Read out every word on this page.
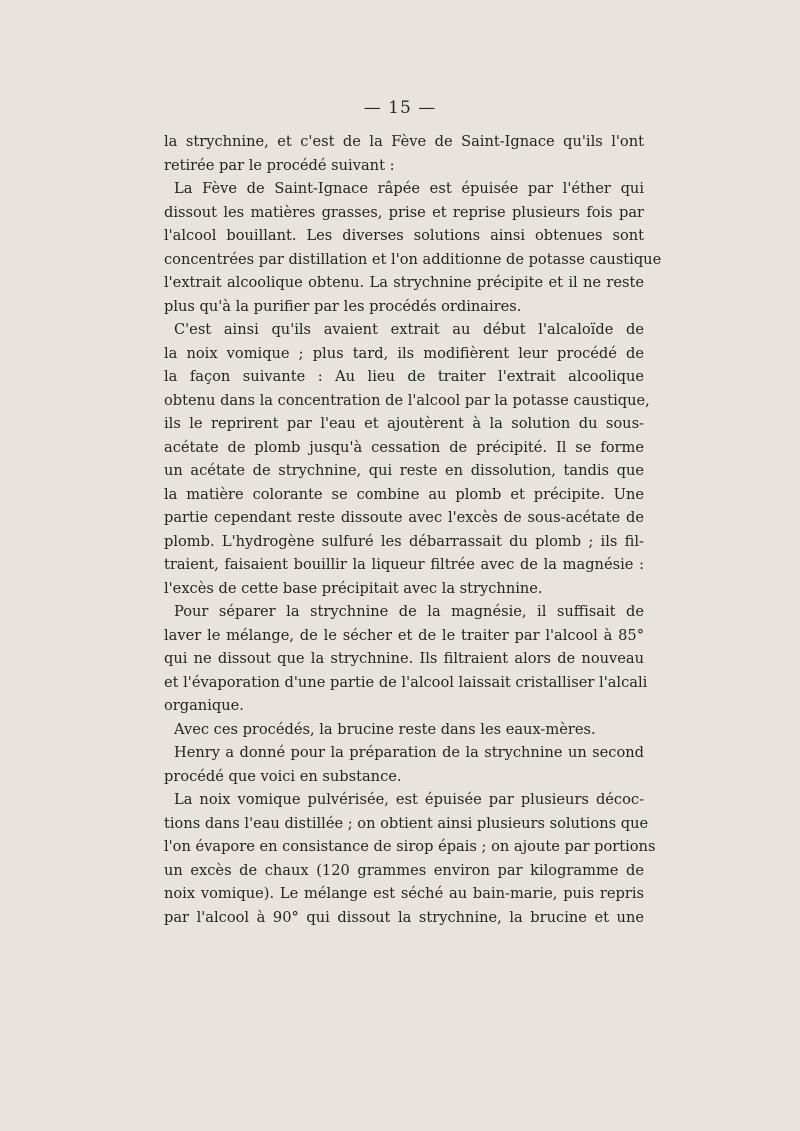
— 15 —
la strychnine, et c'est de la Fève de Saint-Ignace qu'ils l'ont
retirée par le procédé suivant :
La Fève de Saint-Ignace râpée est épuisée par l'éther qui
dissout les matières grasses, prise et reprise plusieurs fois par
l'alcool bouillant. Les diverses solutions ainsi obtenues sont
concentrées par distillation et l'on additionne de potasse caustique
l'extrait alcoolique obtenu. La strychnine précipite et il ne reste
plus qu'à la purifier par les procédés ordinaires.
C'est ainsi qu'ils avaient extrait au début l'alcaloïde de
la noix vomique ; plus tard, ils modifièrent leur procédé de
la façon suivante : Au lieu de traiter l'extrait alcoolique
obtenu dans la concentration de l'alcool par la potasse caustique,
ils le reprirent par l'eau et ajoutèrent à la solution du sous-
acétate de plomb jusqu'à cessation de précipité. Il se forme
un acétate de strychnine, qui reste en dissolution, tandis que
la matière colorante se combine au plomb et précipite. Une
partie cependant reste dissoute avec l'excès de sous-acétate de
plomb. L'hydrogène sulfuré les débarrassait du plomb ; ils fil-
traient, faisaient bouillir la liqueur filtrée avec de la magnésie :
l'excès de cette base précipitait avec la strychnine.
Pour séparer la strychnine de la magnésie, il suffisait de
laver le mélange, de le sécher et de le traiter par l'alcool à 85°
qui ne dissout que la strychnine. Ils filtraient alors de nouveau
et l'évaporation d'une partie de l'alcool laissait cristalliser l'alcali
organique.
Avec ces procédés, la brucine reste dans les eaux-mères.
Henry a donné pour la préparation de la strychnine un second
procédé que voici en substance.
La noix vomique pulvérisée, est épuisée par plusieurs décoc-
tions dans l'eau distillée ; on obtient ainsi plusieurs solutions que
l'on évapore en consistance de sirop épais ; on ajoute par portions
un excès de chaux (120 grammes environ par kilogramme de
noix vomique). Le mélange est séché au bain-marie, puis repris
par l'alcool à 90° qui dissout la strychnine, la brucine et une
